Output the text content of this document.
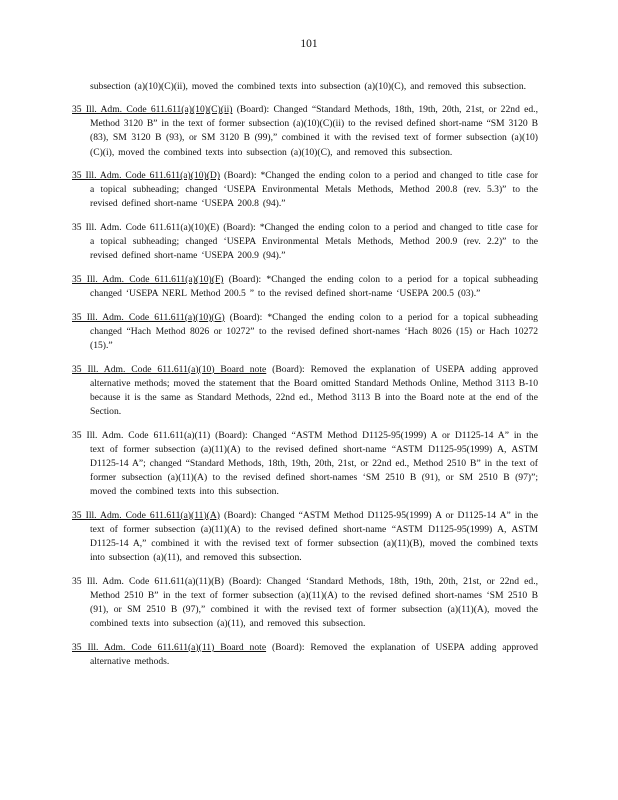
101

subsection (a)(10)(C)(ii), moved the combined texts into subsection (a)(10)(C), and removed this subsection.

35 Ill. Adm. Code 611.611(a)(10)(C)(ii) (Board): Changed “Standard Methods, 18th, 19th, 20th, 21st, or 22nd ed., Method 3120 B” in the text of former subsection (a)(10)(C)(ii) to the revised defined short-name “SM 3120 B (83), SM 3120 B (93), or SM 3120 B (99),” combined it with the revised text of former subsection (a)(10)(C)(i), moved the combined texts into subsection (a)(10)(C), and removed this subsection.

35 Ill. Adm. Code 611.611(a)(10)(D) (Board): *Changed the ending colon to a period and changed to title case for a topical subheading; changed ‘USEPA Environmental Metals Methods, Method 200.8 (rev. 5.3)” to the revised defined short-name ‘USEPA 200.8 (94).”

35 Ill. Adm. Code 611.611(a)(10)(E) (Board): *Changed the ending colon to a period and changed to title case for a topical subheading; changed ‘USEPA Environmental Metals Methods, Method 200.9 (rev. 2.2)” to the revised defined short-name ‘USEPA 200.9 (94).”

35 Ill. Adm. Code 611.611(a)(10)(F) (Board): *Changed the ending colon to a period for a topical subheading changed ‘USEPA NERL Method 200.5 ” to the revised defined short-name ‘USEPA 200.5 (03).”

35 Ill. Adm. Code 611.611(a)(10)(G) (Board): *Changed the ending colon to a period for a topical subheading changed “Hach Method 8026 or 10272” to the revised defined short-names ‘Hach 8026 (15) or Hach 10272 (15).”

35 Ill. Adm. Code 611.611(a)(10) Board note (Board): Removed the explanation of USEPA adding approved alternative methods; moved the statement that the Board omitted Standard Methods Online, Method 3113 B-10 because it is the same as Standard Methods, 22nd ed., Method 3113 B into the Board note at the end of the Section.

35 Ill. Adm. Code 611.611(a)(11) (Board): Changed “ASTM Method D1125-95(1999) A or D1125-14 A” in the text of former subsection (a)(11)(A) to the revised defined short-name “ASTM D1125-95(1999) A, ASTM D1125-14 A”; changed “Standard Methods, 18th, 19th, 20th, 21st, or 22nd ed., Method 2510 B” in the text of former subsection (a)(11)(A) to the revised defined short-names ‘SM 2510 B (91), or SM 2510 B (97)”; moved the combined texts into this subsection.

35 Ill. Adm. Code 611.611(a)(11)(A) (Board): Changed “ASTM Method D1125-95(1999) A or D1125-14 A” in the text of former subsection (a)(11)(A) to the revised defined short-name “ASTM D1125-95(1999) A, ASTM D1125-14 A,” combined it with the revised text of former subsection (a)(11)(B), moved the combined texts into subsection (a)(11), and removed this subsection.

35 Ill. Adm. Code 611.611(a)(11)(B) (Board): Changed ‘Standard Methods, 18th, 19th, 20th, 21st, or 22nd ed., Method 2510 B” in the text of former subsection (a)(11)(A) to the revised defined short-names ‘SM 2510 B (91), or SM 2510 B (97),” combined it with the revised text of former subsection (a)(11)(A), moved the combined texts into subsection (a)(11), and removed this subsection.

35 Ill. Adm. Code 611.611(a)(11) Board note (Board): Removed the explanation of USEPA adding approved alternative methods.
